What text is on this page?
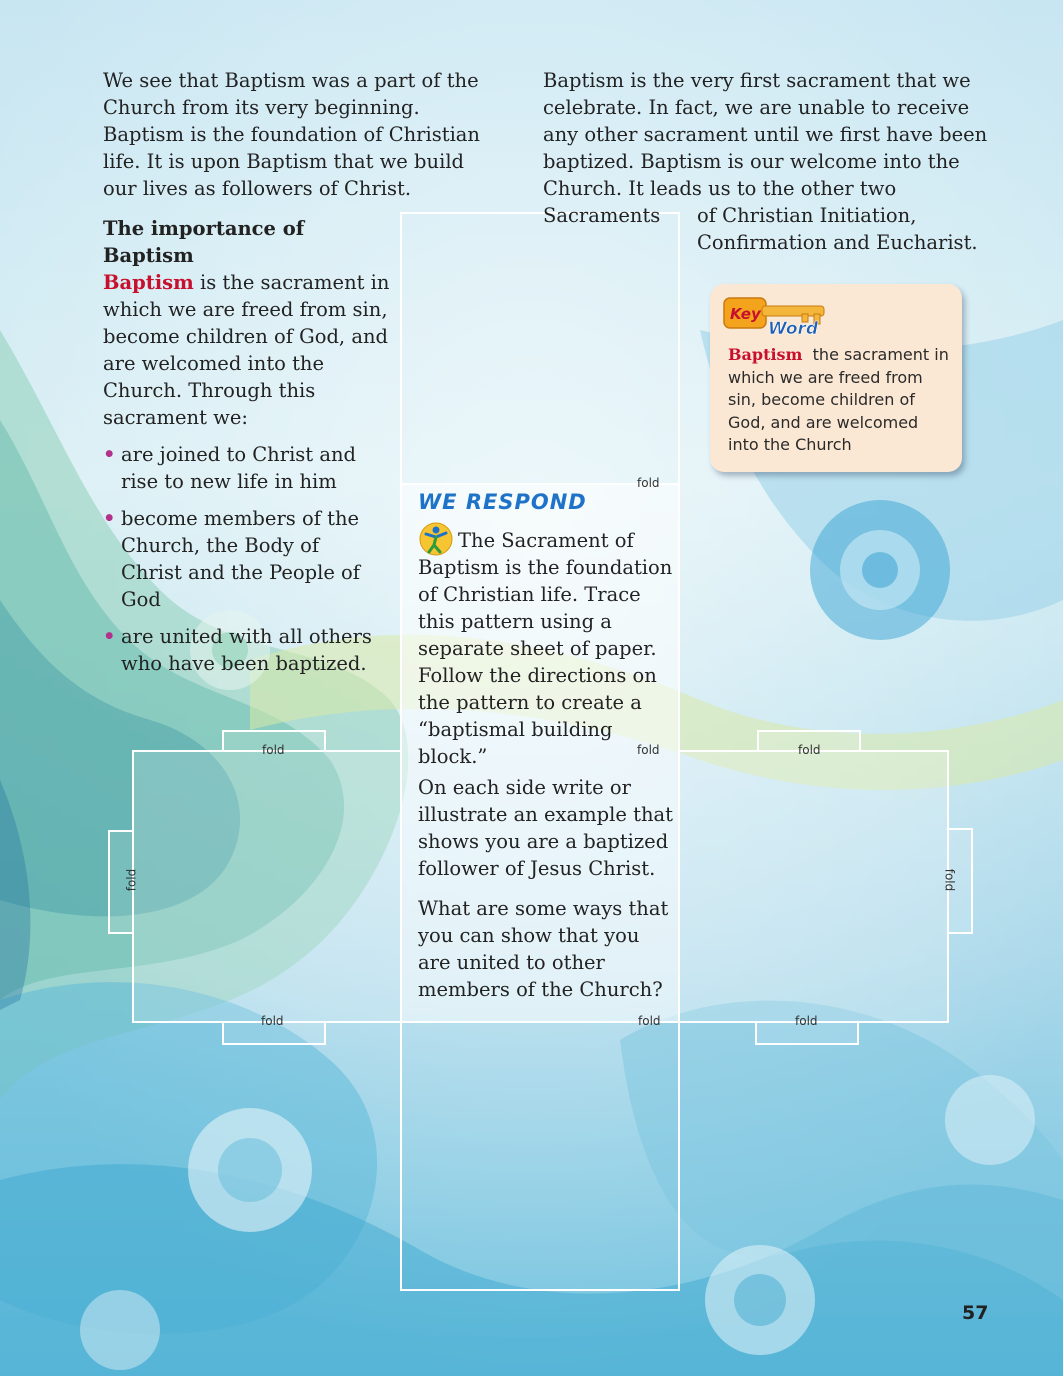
fold
fold	fold	fold
fold	fold
fold	fold	fold

We see that Baptism was a part of the Church from its very beginning. Baptism is the foundation of Christian life. It is upon Baptism that we build our lives as followers of Christ.

Baptism is the very first sacrament that we
celebrate. In fact, we are unable to receive
any other sacrament until we first have been
baptized. Baptism is our welcome into the
Church. It leads us to the other two Sacraments	of Christian Initiation,
Confirmation and Eucharist.
The importance of Baptism

Baptism is the sacrament in which we are freed from sin, become children of God, and are welcomed into the Church. Through this sacrament we:

• are joined to Christ and rise to new life in him
• become members of the Church, the Body of Christ and the People of God
• are united with all others who have been baptized.
Key
Word
Baptism the sacrament in which we are freed from sin, become children of God, and are welcomed into the Church
WE RESPOND

The Sacrament of Baptism is the foundation of Christian life. Trace this pattern using a separate sheet of paper. Follow the directions on the pattern to create a “baptismal building block.”

On each side write or illustrate an example that shows you are a baptized follower of Jesus Christ.

What are some ways that you can show that you are united to other members of the Church?

57
